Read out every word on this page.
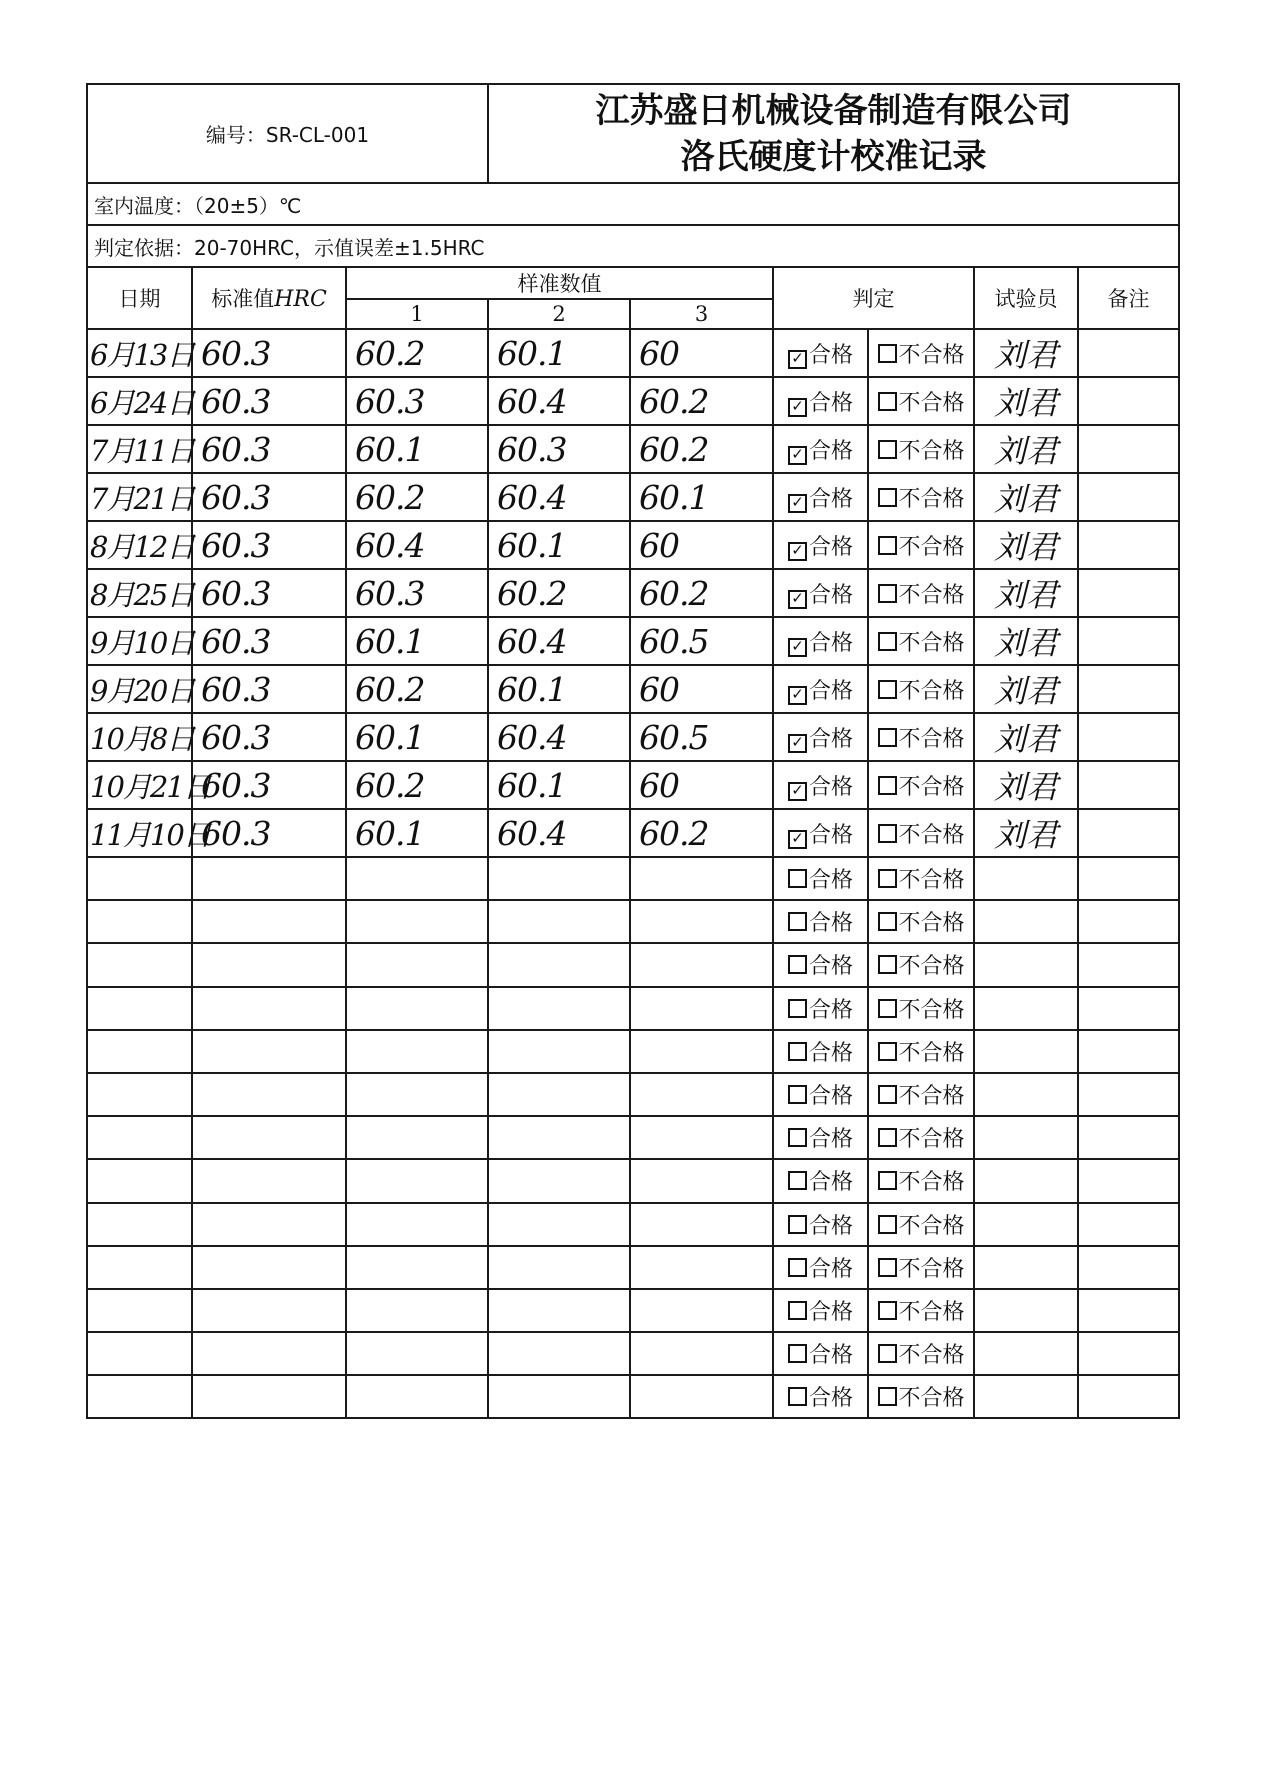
编号：SR-CL-001			江苏盛日机械设备制造有限公司
洛氏硬度计校准记录					

室内温度：（20±5）℃								
判定依据：20-70HRC，示值误差±1.5HRC								
日期	标准值HRC	样准数值			判定		试验员	备注
		1	2	3				
6月13日	60.3	60.2	60.1	60	✓ 合格	不合格	刘君	
6月24日	60.3	60.3	60.4	60.2	✓ 合格	不合格	刘君	
7月11日	60.3	60.1	60.3	60.2	✓ 合格	不合格	刘君	
7月21日	60.3	60.2	60.4	60.1	✓ 合格	不合格	刘君	
8月12日	60.3	60.4	60.1	60	✓ 合格	不合格	刘君	
8月25日	60.3	60.3	60.2	60.2	✓ 合格	不合格	刘君	
9月10日	60.3	60.1	60.4	60.5	✓ 合格	不合格	刘君	
9月20日	60.3	60.2	60.1	60	✓ 合格	不合格	刘君	
10月8日	60.3	60.1	60.4	60.5	✓ 合格	不合格	刘君	
10月21日	60.3	60.2	60.1	60	✓ 合格	不合格	刘君	
11月10日	60.3	60.1	60.4	60.2	✓ 合格	不合格	刘君	
					合格	不合格		
					合格	不合格		
					合格	不合格		
					合格	不合格		
					合格	不合格		
					合格	不合格		
					合格	不合格		
					合格	不合格		
					合格	不合格		
					合格	不合格		
					合格	不合格		
					合格	不合格		
					合格	不合格		
